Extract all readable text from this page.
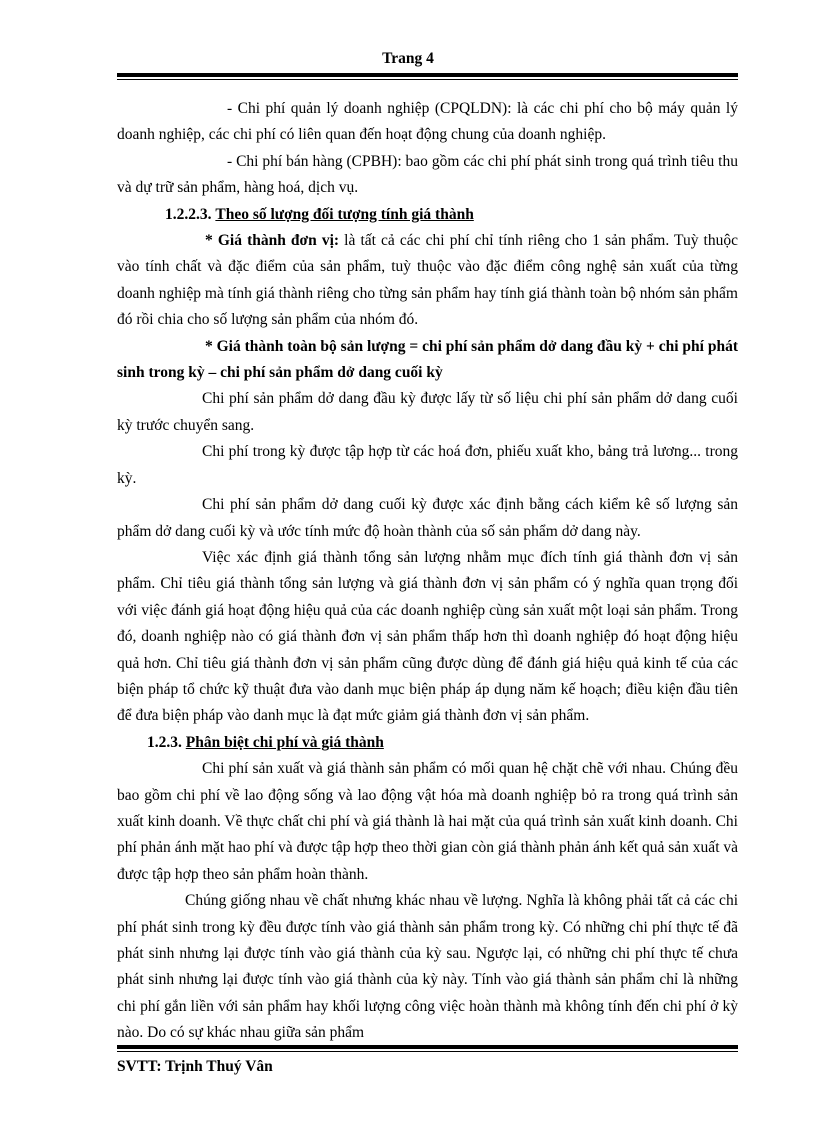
Trang 4

- Chi phí quản lý doanh nghiệp (CPQLDN): là các chi phí cho bộ máy quản lý doanh nghiệp, các chi phí có liên quan đến hoạt động chung của doanh nghiệp.

- Chi phí bán hàng (CPBH): bao gồm các chi phí phát sinh trong quá trình tiêu thu và dự trữ sản phẩm, hàng hoá, dịch vụ.

1.2.2.3. Theo số lượng đối tượng tính giá thành

* Giá thành đơn vị: là tất cả các chi phí chỉ tính riêng cho 1 sản phẩm. Tuỳ thuộc vào tính chất và đặc điểm của sản phẩm, tuỳ thuộc vào đặc điểm công nghệ sản xuất của từng doanh nghiệp mà tính giá thành riêng cho từng sản phẩm hay tính giá thành toàn bộ nhóm sản phẩm đó rồi chia cho số lượng sản phẩm của nhóm đó.

* Giá thành toàn bộ sản lượng = chi phí sản phẩm dở dang đầu kỳ + chi phí phát sinh trong kỳ – chi phí sản phẩm dở dang cuối kỳ

Chi phí sản phẩm dở dang đầu kỳ được lấy từ số liệu chi phí sản phẩm dở dang cuối kỳ trước chuyển sang.

Chi phí trong kỳ được tập hợp từ các hoá đơn, phiếu xuất kho, bảng trả lương... trong kỳ.

Chi phí sản phẩm dở dang cuối kỳ được xác định bằng cách kiểm kê số lượng sản phẩm dở dang cuối kỳ và ước tính mức độ hoàn thành của số sản phẩm dở dang này.

Việc xác định giá thành tổng sản lượng nhằm mục đích tính giá thành đơn vị sản phẩm. Chỉ tiêu giá thành tổng sản lượng và giá thành đơn vị sản phẩm có ý nghĩa quan trọng đối với việc đánh giá hoạt động hiệu quả của các doanh nghiệp cùng sản xuất một loại sản phẩm. Trong đó, doanh nghiệp nào có giá thành đơn vị sản phẩm thấp hơn thì doanh nghiệp đó hoạt động hiệu quả hơn. Chỉ tiêu giá thành đơn vị sản phẩm cũng được dùng để đánh giá hiệu quả kinh tế của các biện pháp tổ chức kỹ thuật đưa vào danh mục biện pháp áp dụng năm kế hoạch; điều kiện đầu tiên để đưa biện pháp vào danh mục là đạt mức giảm giá thành đơn vị sản phẩm.

1.2.3. Phân biệt chi phí và giá thành

Chi phí sản xuất và giá thành sản phẩm có mối quan hệ chặt chẽ với nhau. Chúng đều bao gồm chi phí về lao động sống và lao động vật hóa mà doanh nghiệp bỏ ra trong quá trình sản xuất kinh doanh. Về thực chất chi phí và giá thành là hai mặt của quá trình sản xuất kinh doanh. Chi phí phản ánh mặt hao phí và được tập hợp theo thời gian còn giá thành phản ánh kết quả sản xuất và được tập hợp theo sản phẩm hoàn thành.

Chúng giống nhau về chất nhưng khác nhau về lượng. Nghĩa là không phải tất cả các chi phí phát sinh trong kỳ đều được tính vào giá thành sản phẩm trong kỳ. Có những chi phí thực tế đã phát sinh nhưng lại được tính vào giá thành của kỳ sau. Ngược lại, có những chi phí thực tế chưa phát sinh nhưng lại được tính vào giá thành của kỳ này. Tính vào giá thành sản phẩm chỉ là những chi phí gắn liền với sản phẩm hay khối lượng công việc hoàn thành mà không tính đến chi phí ở kỳ nào. Do có sự khác nhau giữa sản phẩm

SVTT: Trịnh Thuý Vân
